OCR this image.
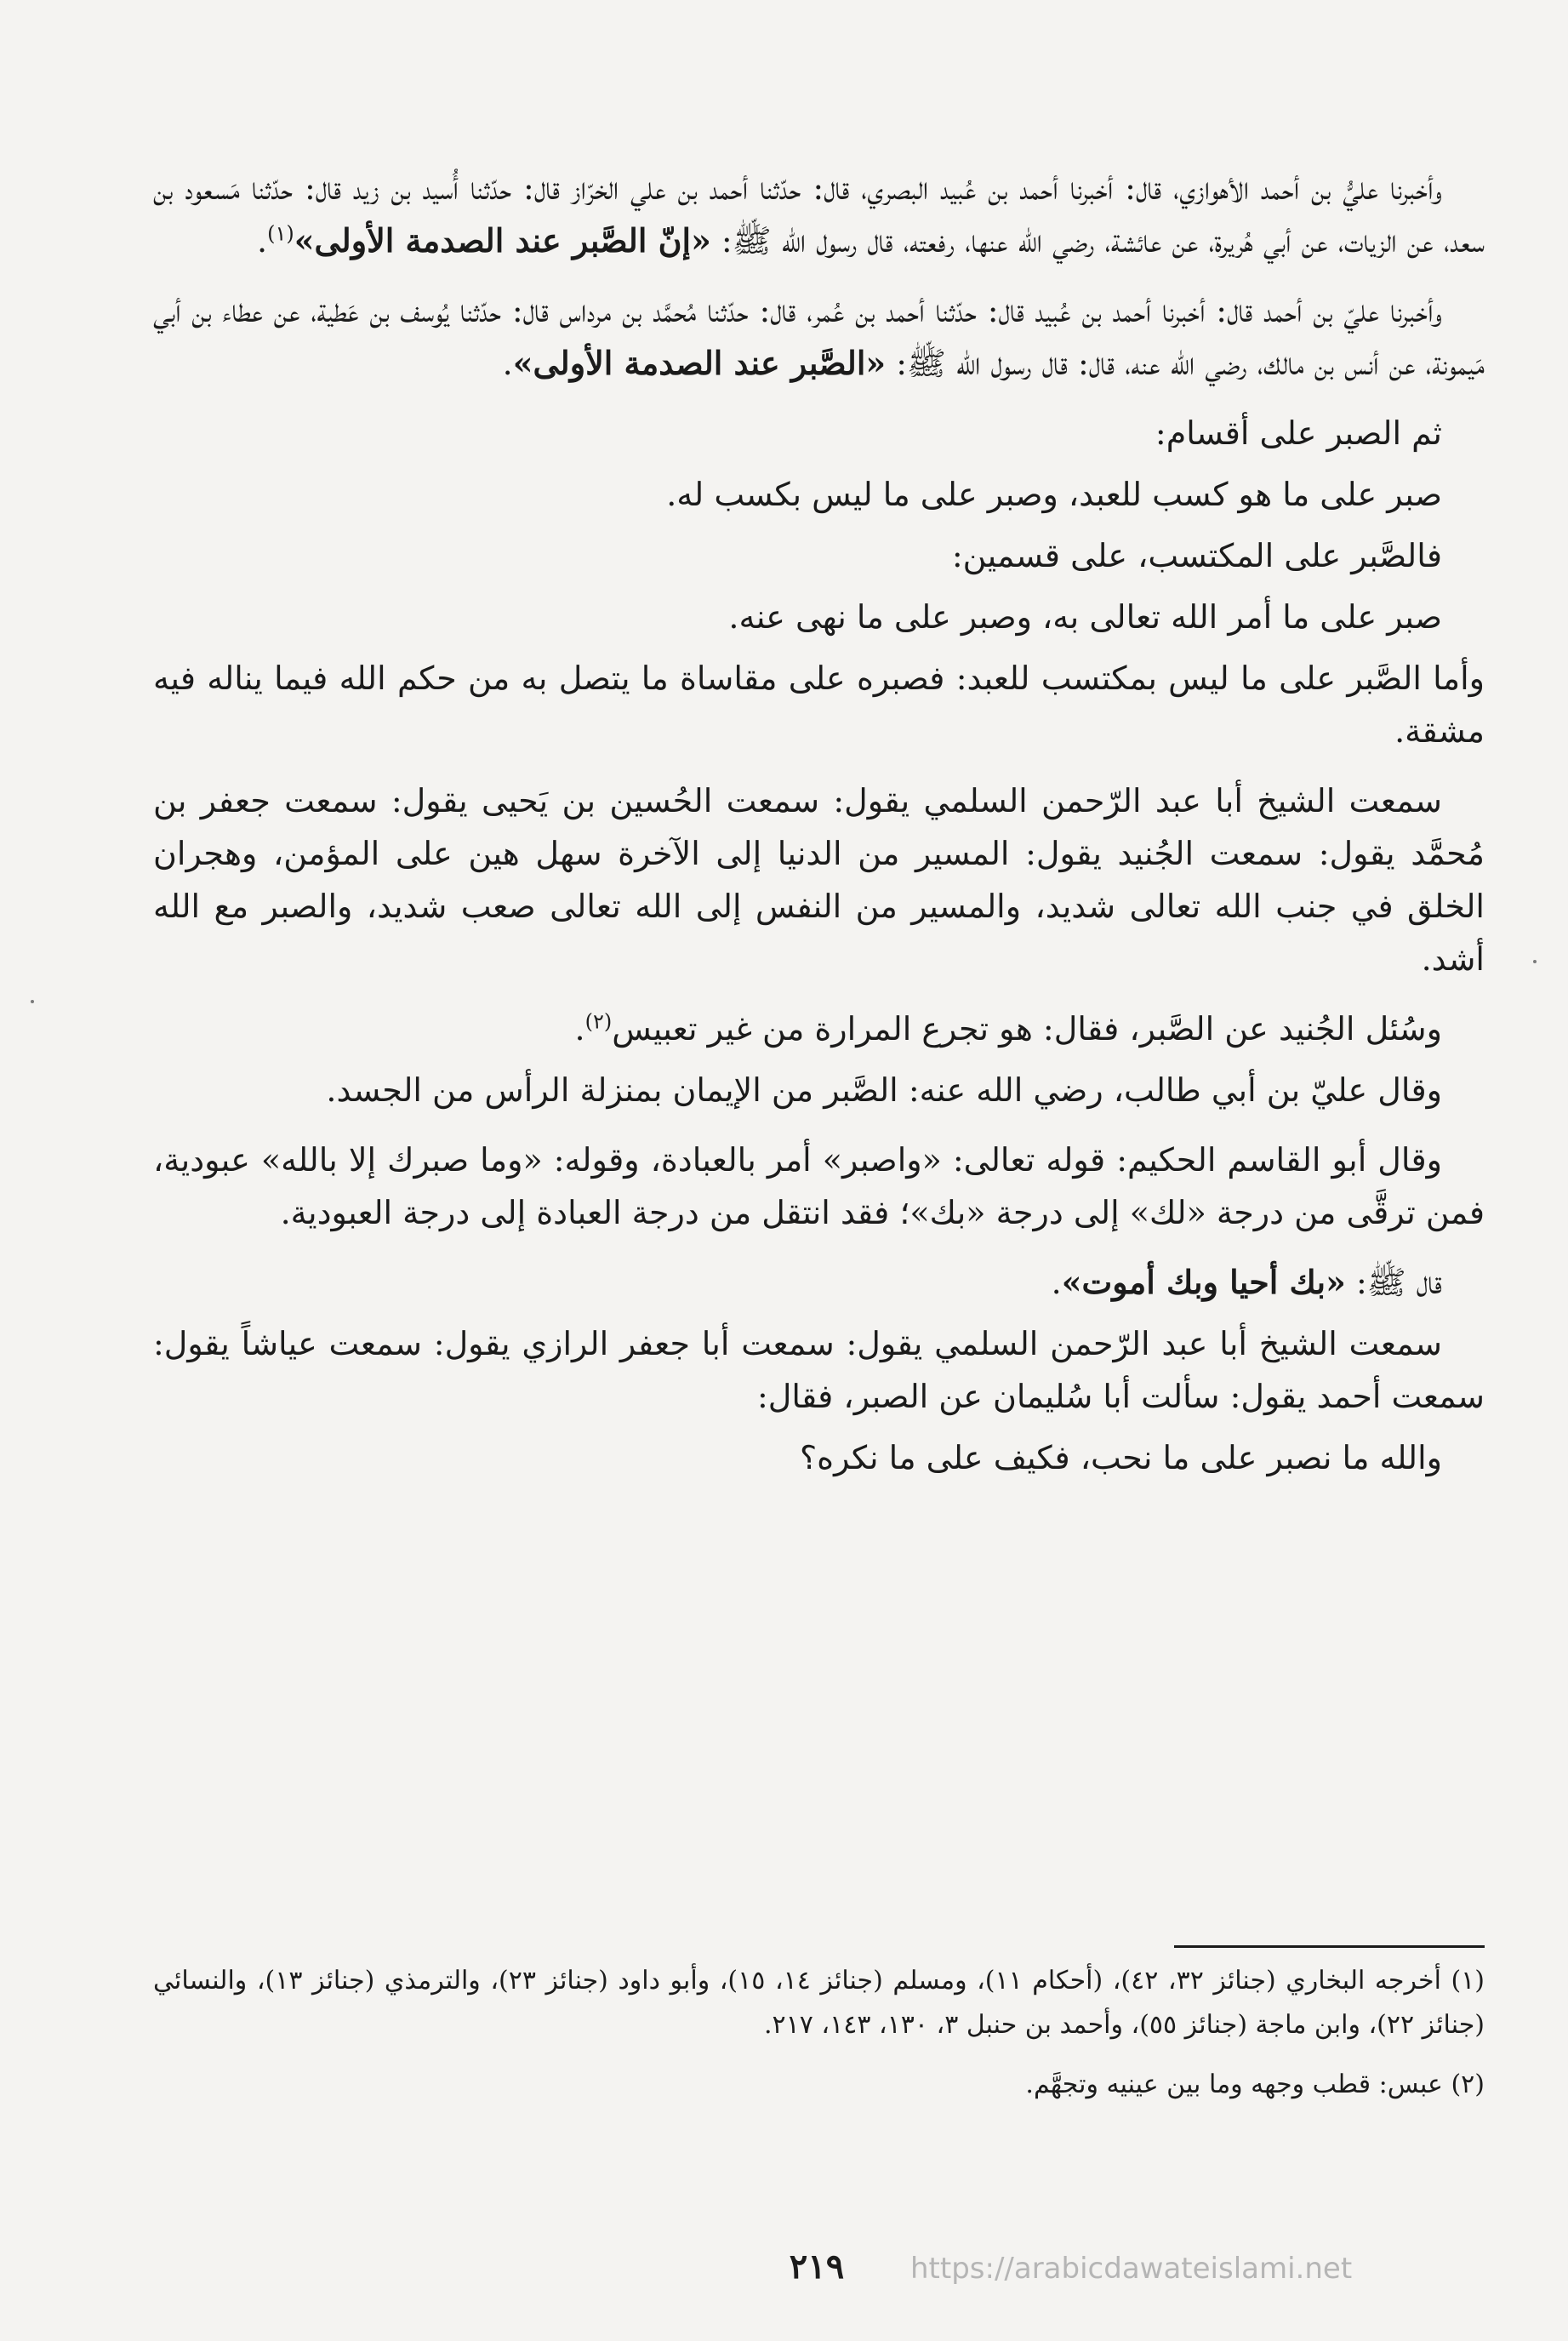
وأخبرنا عليُّ بن أحمد الأهوازي، قال: أخبرنا أحمد بن عُبيد البصري، قال: حدّثنا أحمد بن علي الخرّاز قال: حدّثنا أُسيد بن زيد قال: حدّثنا مَسعود بن سعد، عن الزيات، عن أبي هُريرة، عن عائشة، رضي الله عنها، رفعته، قال رسول الله ﷺ: «إنّ الصَّبر عند الصدمة الأولى»$^{(١)}$.

وأخبرنا عليّ بن أحمد قال: أخبرنا أحمد بن عُبيد قال: حدّثنا أحمد بن عُمر، قال: حدّثنا مُحمَّد بن مرداس قال: حدّثنا يُوسف بن عَطية، عن عطاء بن أبي مَيمونة، عن أنس بن مالك، رضي الله عنه، قال: قال رسول الله ﷺ: «الصَّبر عند الصدمة الأولى».

ثم الصبر على أقسام:

صبر على ما هو كسب للعبد، وصبر على ما ليس بكسب له.

فالصَّبر على المكتسب، على قسمين:

صبر على ما أمر الله تعالى به، وصبر على ما نهى عنه.

وأما الصَّبر على ما ليس بمكتسب للعبد: فصبره على مقاساة ما يتصل به من حكم الله فيما يناله فيه مشقة.

سمعت الشيخ أبا عبد الرّحمن السلمي يقول: سمعت الحُسين بن يَحيى يقول: سمعت جعفر بن مُحمَّد يقول: سمعت الجُنيد يقول: المسير من الدنيا إلى الآخرة سهل هين على المؤمن، وهجران الخلق في جنب الله تعالى شديد، والمسير من النفس إلى الله تعالى صعب شديد، والصبر مع الله أشد.

وسُئل الجُنيد عن الصَّبر، فقال: هو تجرع المرارة من غير تعبيس$^{(٢)}$.

وقال عليّ بن أبي طالب، رضي الله عنه: الصَّبر من الإيمان بمنزلة الرأس من الجسد.

وقال أبو القاسم الحكيم: قوله تعالى: «واصبر» أمر بالعبادة، وقوله: «وما صبرك إلا بالله» عبودية، فمن ترقَّى من درجة «لك» إلى درجة «بك»؛ فقد انتقل من درجة العبادة إلى درجة العبودية.

قال ﷺ: «بك أحيا وبك أموت».

سمعت الشيخ أبا عبد الرّحمن السلمي يقول: سمعت أبا جعفر الرازي يقول: سمعت عياشاً يقول: سمعت أحمد يقول: سألت أبا سُليمان عن الصبر، فقال:

والله ما نصبر على ما نحب، فكيف على ما نكره؟

(١) أخرجه البخاري (جنائز ٣٢، ٤٢)، (أحكام ١١)، ومسلم (جنائز ١٤، ١٥)، وأبو داود (جنائز ٢٣)، والترمذي (جنائز ١٣)، والنسائي (جنائز ٢٢)، وابن ماجة (جنائز ٥٥)، وأحمد بن حنبل ٣، ١٣٠، ١٤٣، ٢١٧.

(٢) عبس: قطب وجهه وما بين عينيه وتجهَّم.

٢١٩	https://arabicdawateislami.net
